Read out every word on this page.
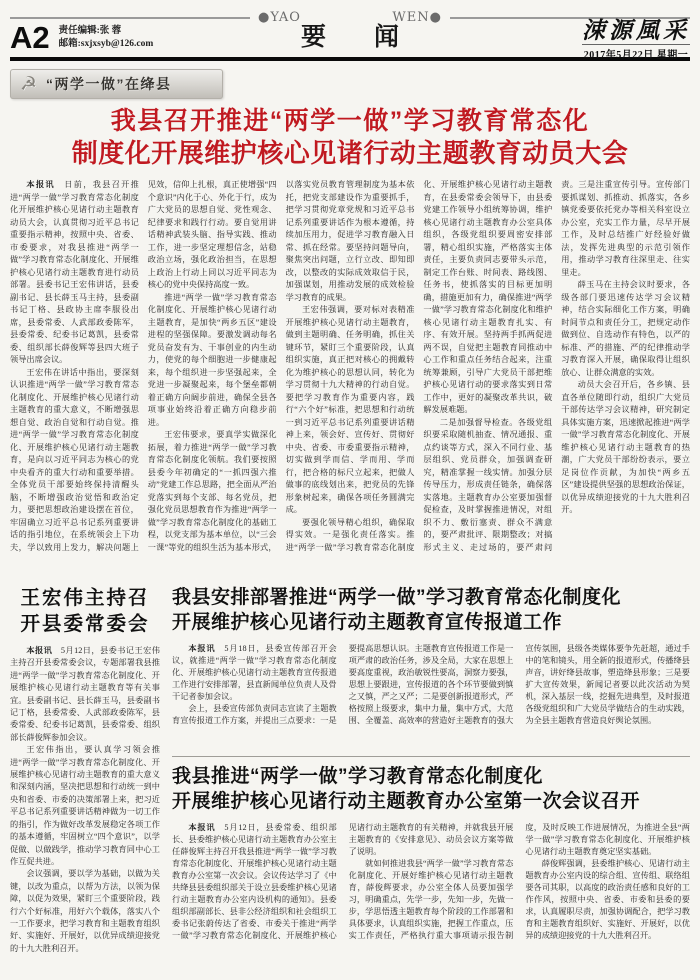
●YAO	WEN●
要 闻
A2 责任编辑:张 蓉
邮箱:sxjxsyb@126.com	涑源風采
2017年5月22日 星期一
☭ “两学一做”在绛县
我县召开推进“两学一做”学习教育常态化
制度化开展维护核心见诸行动主题教育动员大会

本报讯　日前，我县召开推进“两学一做”学习教育常态化制度化开展维护核心见诸行动主题教育动员大会，认真贯彻习近平总书记重要指示精神，按照中央、省委、市委要求，对我县推进“两学一做”学习教育常态化制度化、开展维护核心见诸行动主题教育进行动员部署。县委书记王宏伟讲话，县委副书记、县长薛玉马主持，县委副书记丁格、县政协主席李服役出席，县委常委、人武部政委陈军，县委常委、纪委书记葛凯，县委常委、组织部长薛俊辉等县四大班子领导出席会议。

王宏伟在讲话中指出，要深刻认识推进“两学一做”学习教育常态化制度化、开展维护核心见诸行动主题教育的重大意义，不断增强思想自觉、政治自觉和行动自觉。推进“两学一做”学习教育常态化制度化、开展维护核心见诸行动主题教育，是向以习近平同志为核心的党中央看齐的重大行动和重要举措。全体党员干部要始终保持清醒头脑，不断增强政治觉悟和政治定力，要把思想政治建设摆在首位，牢固确立习近平总书记系列重要讲话的指引地位，在系统领会上下功夫，学以致用上发力，解决问题上见效，信仰上扎根，真正使增强“四个意识”内化于心、外化于行，成为广大党员的思想自觉、党性观念、纪律要求和践行行动。要自觉用讲话精神武装头脑、指导实践、推动工作，进一步坚定理想信念，站稳政治立场，强化政治担当，在思想上政治上行动上同以习近平同志为核心的党中央保持高度一致。

推进“两学一做”学习教育常态化制度化、开展维护核心见诸行动主题教育，是加快“两乡五区”建设进程的坚强保障。要激发调动每名党员奋发有为、干事创业的内生动力，使党的每个细胞进一步健康起来，每个组织进一步坚强起来，全党进一步凝聚起来，每个堡垒都朝着正确方向阔步前进，确保全县各项事业始终沿着正确方向稳步前进。

王宏伟要求，要真学实做深化拓展，着力推进“两学一做”学习教育常态化制度化领航。我们要按照县委今年初确定的“一抓四强六推动”党建工作总思路，把全面从严治党落实到每个支部、每名党员，把强化党员思想教育作为推进“两学一做”学习教育常态化制度化的基础工程，以党支部为基本单位，以“三会一课”等党的组织生活为基本形式，以落实党员教育管理制度为基本依托，把党支部建设作为重要抓手，把学习贯彻党章党规和习近平总书记系列重要讲话作为根本遵循，持续加压用力，促进学习教育融入日常、抓在经常。要坚持问题导向，聚焦突出问题，立行立改、即知即改，以整改的实际成效取信于民，加强谋划，用推动发展的成效检验学习教育的成果。

王宏伟强调，要对标对表精准开展维护核心见诸行动主题教育，做到主题明确、任务明确，抓住关键环节，紧盯三个重要阶段，认真组织实施，真正把对核心的拥戴转化为维护核心的思想认同，转化为学习贯彻十九大精神的行动自觉。要把学习教育作为重要内容，践行“六个好”标准，把思想和行动统一到习近平总书记系列重要讲话精神上来，领会好、宣传好、贯彻好中央、省委、市委重要指示精神，切实做到学而信、学而用、学而行，把合格的标尺立起来，把做人做事的底线划出来，把党员的先锋形象树起来，确保各项任务圆满完成。

要强化领导精心组织，确保取得实效。一是强化责任落实。推进“两学一做”学习教育常态化制度化、开展维护核心见诸行动主题教育，在县委常委会领导下，由县委党建工作领导小组统筹协调，维护核心见诸行动主题教育办公室具体组织，各级党组织要周密安排部署，精心组织实施，严格落实主体责任，主要负责同志要带头示范，制定工作台账、时间表、路线图、任务书，使抓落实的目标更加明确，措施更加有力，确保推进“两学一做”学习教育常态化制度化和维护核心见诸行动主题教育扎实、有序、有效开展。坚持两手抓两促进两不误，自觉把主题教育同推动中心工作和重点任务结合起来，注重统筹兼顾，引导广大党员干部把维护核心见诸行动的要求落实到日常工作中，更好的凝聚改革共识，破解发展难题。

二是加强督导检查。各级党组织要采取随机抽查、情况通报、重点约谈等方式，深入不同行业、基层组织、党员群众，加强调查研究，精准掌握一线实情。加强分层传导压力，形成责任链条，确保落实落地。主题教育办公室要加强督促检查，及时掌握推进情况，对组织不力、敷衍塞责、群众不满意的，要严肃批评、限期整改；对搞形式主义、走过场的，要严肃问责。三是注重宣传引导。宣传部门要抓谋划、抓推动、抓落实，各乡镇党委要依托党办等相关科室设立办公室，充实工作力量，尽早开展工作，及时总结推广好经验好做法，发挥先进典型的示范引领作用，推动学习教育往深里走、往实里走。

薛玉马在主持会议时要求，各级各部门要迅速传达学习会议精神，结合实际细化工作方案，明确时间节点和责任分工，把规定动作做到位、自选动作有特色，以严的标准、严的措施、严的纪律推动学习教育深入开展，确保取得让组织放心、让群众满意的实效。

动员大会召开后，各乡镇、县直各单位随即行动，组织广大党员干部传达学习会议精神，研究制定具体实施方案，迅速掀起推进“两学一做”学习教育常态化制度化、开展维护核心见诸行动主题教育的热潮，广大党员干部纷纷表示，要立足岗位作贡献，为加快“两乡五区”建设提供坚强的思想政治保证，以优异成绩迎接党的十九大胜利召开。

王宏伟主持召
开县委常委会

本报讯　5月12日，县委书记王宏伟主持召开县委常委会议，专题部署我县推进“两学一做”学习教育常态化制度化、开展维护核心见诸行动主题教育等有关事宜。县委副书记、县长薛玉马，县委副书记丁格，县委常委、人武部政委陈军，县委常委、纪委书记葛凯，县委常委、组织部长薛俊辉参加会议。

王宏伟指出，要认真学习领会推进“两学一做”学习教育常态化制度化、开展维护核心见诸行动主题教育的重大意义和深刻内涵，坚决把思想和行动统一到中央和省委、市委的决策部署上来，把习近平总书记系列重要讲话精神做为一切工作的指引，作为做好改革发展稳定各项工作的基本遵循，牢固树立“四个意识”，以学促做、以做践学，推动学习教育同中心工作互促共进。

会议强调，要以学为基础，以做为关键，以改为重点，以帮为方法，以领为保障，以促为效果，紧盯三个重要阶段，践行六个好标准，用好六个载体，落实八个一工作要求，把学习教育和主题教育组织好、实施好、开展好，以优异成绩迎接党的十九大胜利召开。

我县安排部署推进“两学一做”学习教育常态化制度化
开展维护核心见诸行动主题教育宣传报道工作

本报讯　5月18日，县委宣传部召开会议，就推进“两学一做”学习教育常态化制度化、开展维护核心见诸行动主题教育宣传报道工作进行安排部署，县直新闻单位负责人及骨干记者参加会议。

会上，县委宣传部负责同志宣读了主题教育宣传报道工作方案，并提出三点要求：一是要提高思想认识。主题教育宣传报道工作是一项严肃的政治任务，涉及全局，大家在思想上要高度重视，政治敏锐性要高，洞察力要强，思想上要跟进，宣传报道的各个环节要做到慎之又慎，严之又严；二是要创新报道形式，严格按照上级要求，集中力量，集中方式，大范围、全覆盖、高效率的营造好主题教育的强大宣传氛围，县级各类媒体要争先赶超，通过手中的笔和镜头，用全新的报道形式，传播绛县声音，讲好绛县故事，塑造绛县形象；三是要扩大宣传效果，新闻记者要以此次活动为契机，深入基层一线，挖掘先进典型，及时报道各级党组织和广大党员学做结合的生动实践，为全县主题教育营造良好舆论氛围。

我县推进“两学一做”学习教育常态化制度化
开展维护核心见诸行动主题教育办公室第一次会议召开

本报讯　5月12日，县委常委、组织部长、县委维护核心见诸行动主题教育办公室主任薛俊辉主持召开我县推进“两学一做”学习教育常态化制度化、开展维护核心见诸行动主题教育办公室第一次会议。会议传达学习了《中共绛县县委组织部关于设立县委维护核心见诸行动主题教育办公室内设机构的通知》。县委组织部副部长、县非公经济组织和社会组织工委书记张蔚传达了省委、市委关于推进“两学一做”学习教育常态化制度化、开展维护核心见诸行动主题教育的有关精神，并就我县开展主题教育的《安排意见》、动员会议方案等做了说明。

就如何推进我县“两学一做”学习教育常态化制度化、开展好维护核心见诸行动主题教育，薛俊辉要求，办公室全体人员要加强学习，明确重点，先学一步，先知一步，先做一步，学思悟透主题教育每个阶段的工作部署和具体要求，认真组织实施，把握工作重点，压实工作责任，严格执行重大事项请示报告制度，及时反映工作进展情况，为推进全县“两学一做”学习教育常态化制度化、开展维护核心见诸行动主题教育奠定坚实基础。

薛俊辉强调，县委维护核心、见诸行动主题教育办公室内设的综合组、宣传组、联络组要各司其职，以高度的政治责任感和良好的工作作风，按照中央、省委、市委和县委的要求，认真履职尽责，加强协调配合，把学习教育和主题教育组织好、实施好、开展好，以优异的成绩迎接党的十九大胜利召开。
